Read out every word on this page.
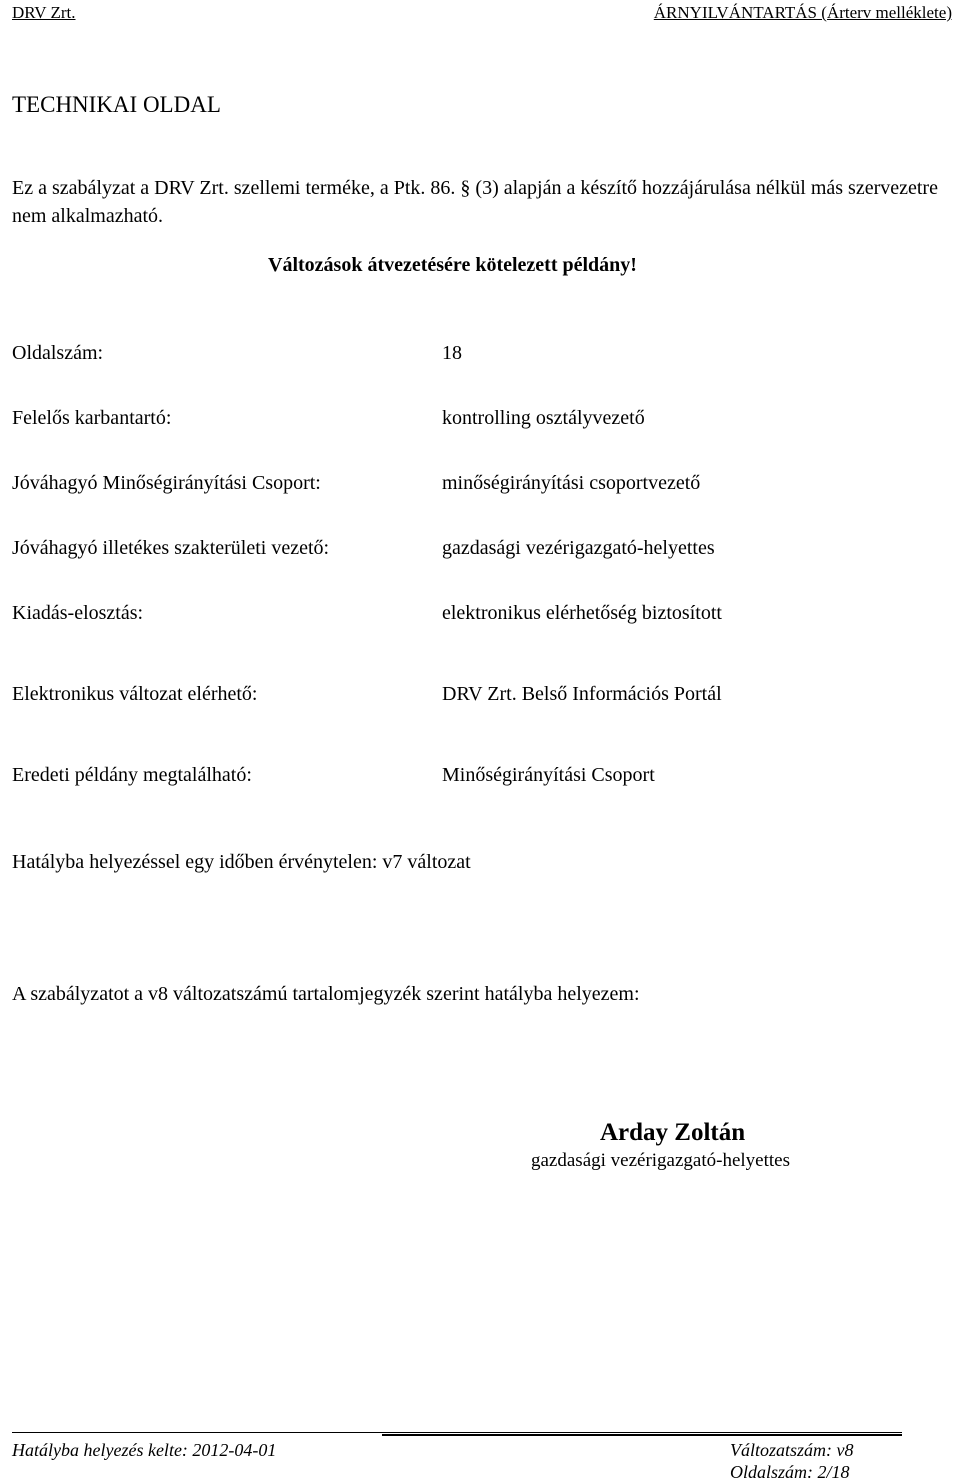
DRV Zrt.	ÁRNYILVÁNTARTÁS (Árterv melléklete)
TECHNIKAI OLDAL
Ez a szabályzat a DRV Zrt. szellemi terméke, a Ptk. 86. § (3) alapján a készítő hozzájárulása nélkül más szervezetre nem alkalmazható.
Változások átvezetésére kötelezett példány!
Oldalszám:	18
Felelős karbantartó:	kontrolling osztályvezető
Jóváhagyó Minőségirányítási Csoport:	minőségirányítási csoportvezető
Jóváhagyó illetékes szakterületi vezető:	gazdasági vezérigazgató-helyettes
Kiadás-elosztás:	elektronikus elérhetőség biztosított
Elektronikus változat elérhető:	DRV Zrt. Belső Információs Portál
Eredeti példány megtalálható:	Minőségirányítási Csoport
Hatályba helyezéssel egy időben érvénytelen: v7 változat
A szabályzatot a v8 változatszámú tartalomjegyzék szerint hatályba helyezem:
Arday Zoltán
gazdasági vezérigazgató-helyettes
Hatályba helyezés kelte: 2012-04-01	Változatszám: v8
Oldalszám: 2/18
